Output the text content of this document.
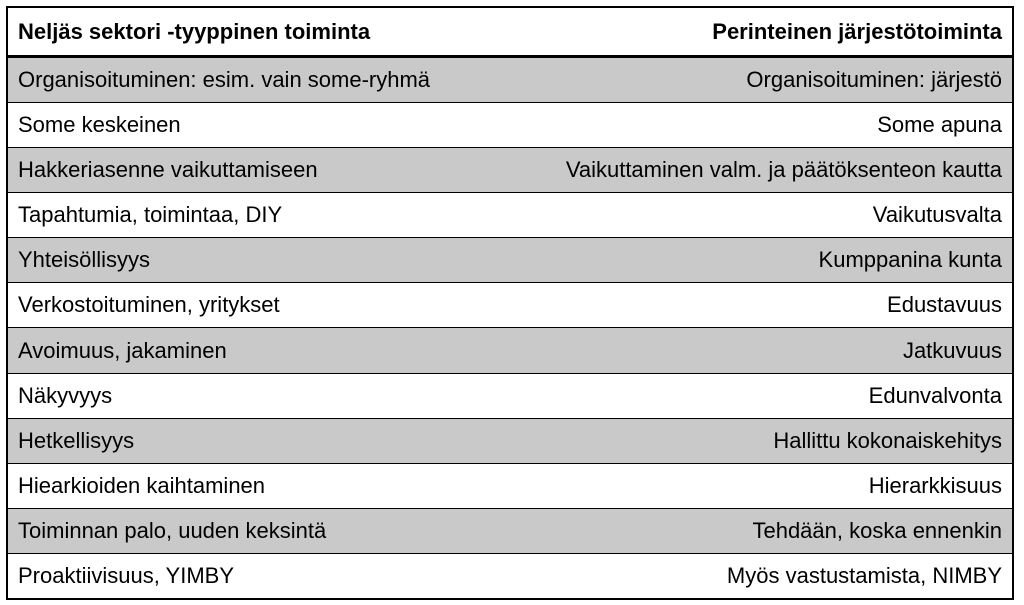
Neljäs sektori -tyyppinen toiminta	Perinteinen järjestötoiminta
Organisoituminen: esim. vain some-ryhmä	Organisoituminen: järjestö
Some keskeinen	Some apuna
Hakkeriasenne vaikuttamiseen	Vaikuttaminen valm. ja päätöksenteon kautta
Tapahtumia, toimintaa, DIY	Vaikutusvalta
Yhteisöllisyys	Kumppanina kunta
Verkostoituminen, yritykset	Edustavuus
Avoimuus, jakaminen	Jatkuvuus
Näkyvyys	Edunvalvonta
Hetkellisyys	Hallittu kokonaiskehitys
Hiearkioiden kaihtaminen	Hierarkkisuus
Toiminnan palo, uuden keksintä	Tehdään, koska ennenkin
Proaktiivisuus, YIMBY	Myös vastustamista, NIMBY
